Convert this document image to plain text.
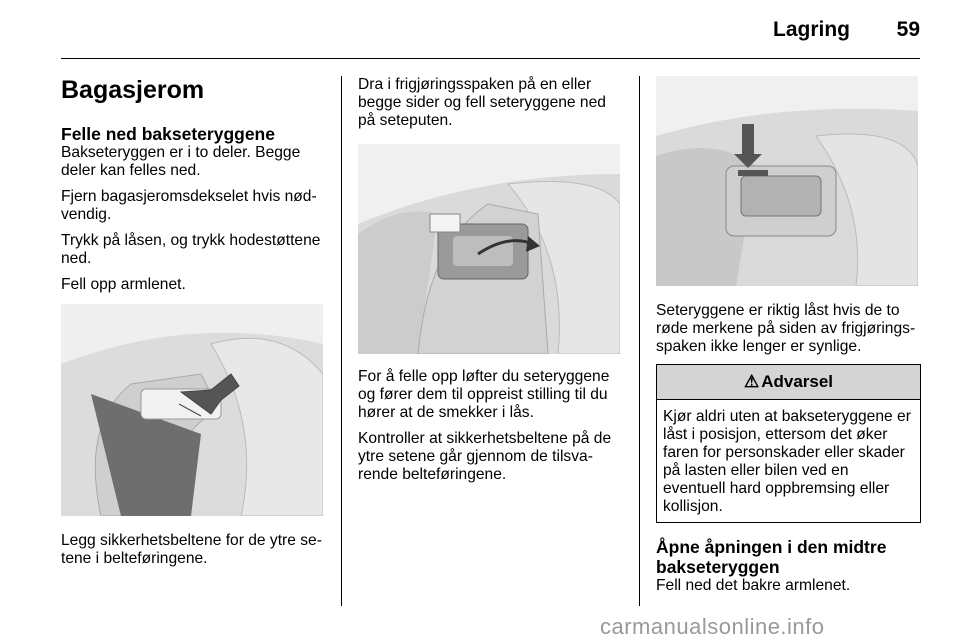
Lagring	59
Bagasjerom
Felle ned bakseteryggene

Bakseteryggen er i to deler. Begge deler kan felles ned.

Fjern bagasjeromsdekselet hvis nød-vendig.

Trykk på låsen, og trykk hodestøttene ned.

Fell opp armlenet.

Legg sikkerhetsbeltene for de ytre se-tene i belteføringene.

Dra i frigjøringsspaken på en eller begge sider og fell seteryggene ned på seteputen.

For å felle opp løfter du seteryggene og fører dem til oppreist stilling til du hører at de smekker i lås.

Kontroller at sikkerhetsbeltene på de ytre setene går gjennom de tilsva-rende belteføringene.

Seteryggene er riktig låst hvis de to røde merkene på siden av frigjørings-spaken ikke lenger er synlige.

⚠ Advarsel
Kjør aldri uten at bakseteryggene er låst i posisjon, ettersom det øker faren for personskader eller skader på lasten eller bilen ved en eventuell hard oppbremsing eller kollisjon.
Åpne åpningen i den midtre bakseteryggen

Fell ned det bakre armlenet.

carmanualsonline.info
